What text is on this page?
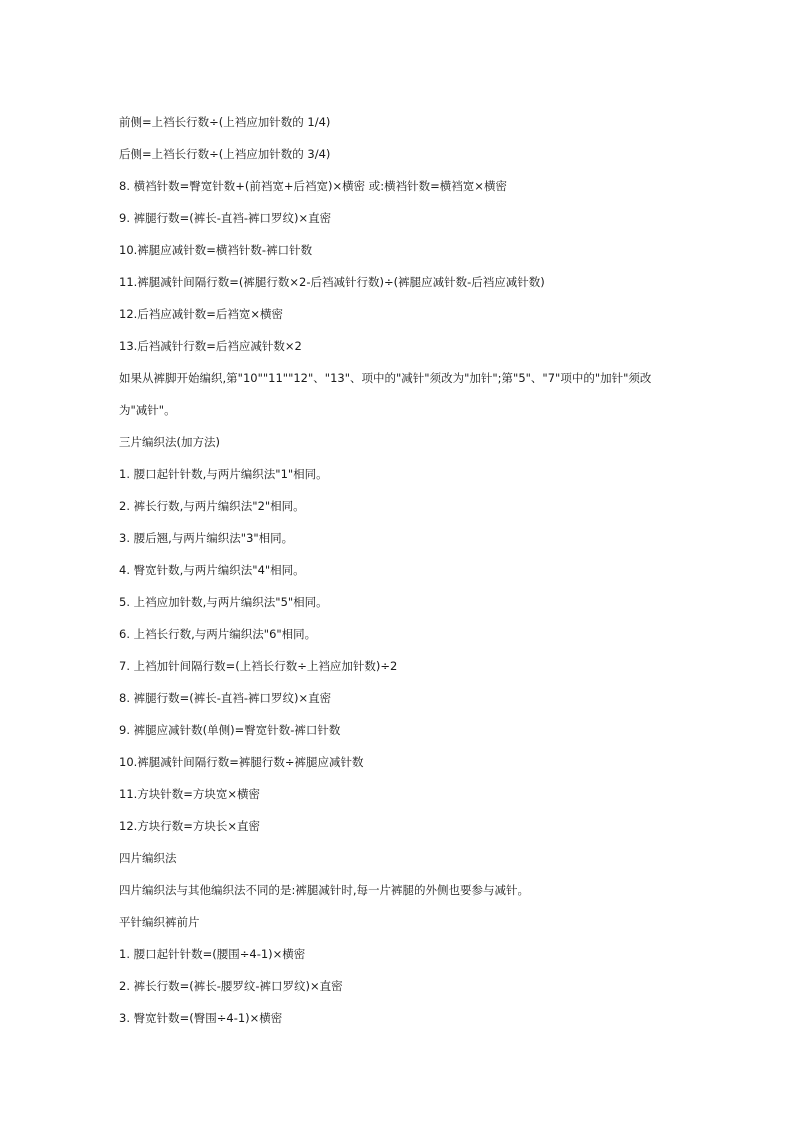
前侧=上裆长行数÷(上裆应加针数的 1/4)
后侧=上裆长行数÷(上裆应加针数的 3/4)
8. 横裆针数=臀宽针数+(前裆宽+后裆宽)×横密 或:横裆针数=横裆宽×横密
9. 裤腿行数=(裤长-直裆-裤口罗纹)×直密
10.裤腿应减针数=横裆针数-裤口针数
11.裤腿减针间隔行数=(裤腿行数×2-后裆减针行数)÷(裤腿应减针数-后裆应减针数)
12.后裆应减针数=后裆宽×横密
13.后裆减针行数=后裆应减针数×2
如果从裤脚开始编织,第"10""11""12"、"13"、项中的"减针"须改为"加针";第"5"、"7"项中的"加针"须改为"减针"。
三片编织法(加方法)
1. 腰口起针针数,与两片编织法"1"相同。
2. 裤长行数,与两片编织法"2"相同。
3. 腰后翘,与两片编织法"3"相同。
4. 臀宽针数,与两片编织法"4"相同。
5. 上裆应加针数,与两片编织法"5"相同。
6. 上裆长行数,与两片编织法"6"相同。
7. 上裆加针间隔行数=(上裆长行数÷上裆应加针数)÷2
8. 裤腿行数=(裤长-直裆-裤口罗纹)×直密
9. 裤腿应减针数(单侧)=臀宽针数-裤口针数
10.裤腿减针间隔行数=裤腿行数÷裤腿应减针数
11.方块针数=方块宽×横密
12.方块行数=方块长×直密
四片编织法
四片编织法与其他编织法不同的是:裤腿减针时,每一片裤腿的外侧也要参与减针。
平针编织裤前片
1. 腰口起针针数=(腰围÷4-1)×横密
2. 裤长行数=(裤长-腰罗纹-裤口罗纹)×直密
3. 臀宽针数=(臀围÷4-1)×横密
